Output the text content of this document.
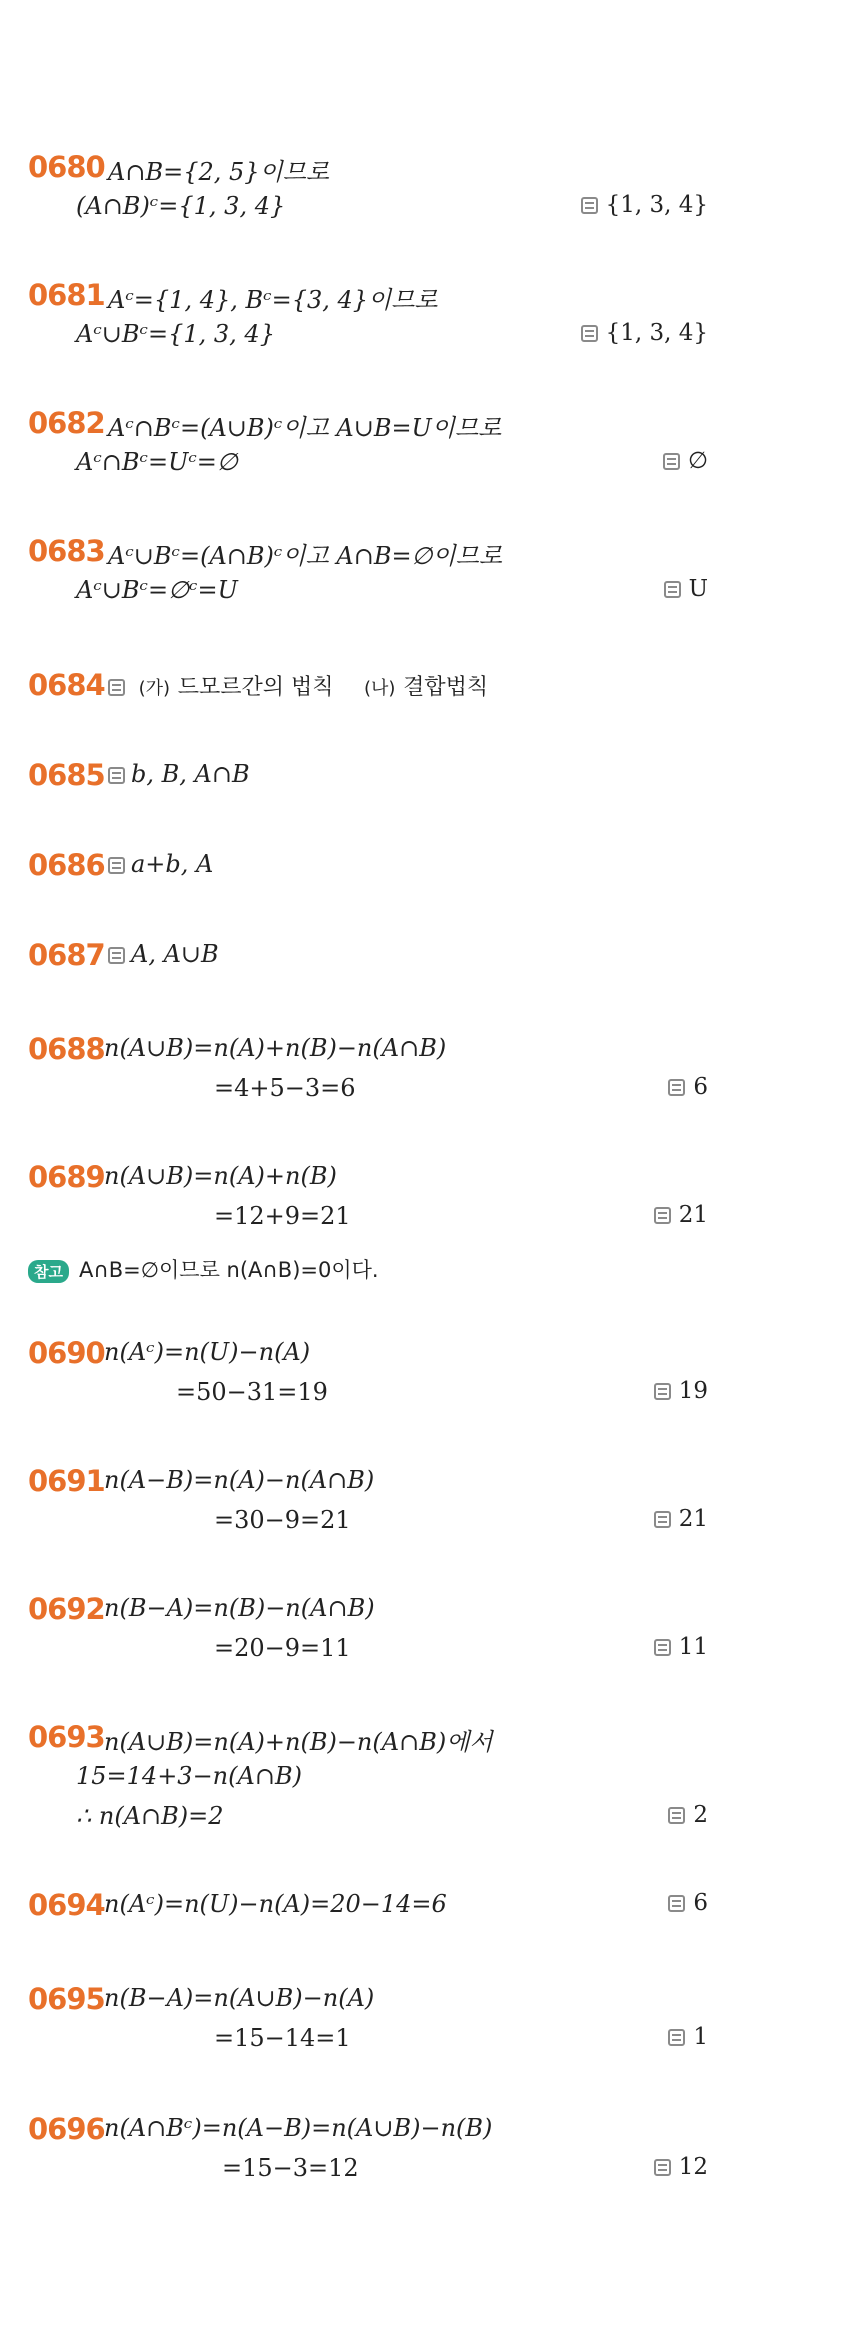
0680 A∩B={2, 5}이므로
(A∩B)ᶜ={1, 3, 4}	{1, 3, 4}
0681 Aᶜ={1, 4}, Bᶜ={3, 4}이므로
Aᶜ∪Bᶜ={1, 3, 4}	{1, 3, 4}
0682 Aᶜ∩Bᶜ=(A∪B)ᶜ이고 A∪B=U이므로
Aᶜ∩Bᶜ=Uᶜ=∅	∅
0683 Aᶜ∪Bᶜ=(A∩B)ᶜ이고 A∩B=∅이므로
Aᶜ∪Bᶜ=∅ᶜ=U	U
0684	(가) 드모르간의 법칙 (나) 결합법칙
0685	b, B, A∩B
0686	a+b, A
0687	A, A∪B
0688 n(A∪B)=n(A)+n(B)−n(A∩B)
=4+5−3=6	6
0689 n(A∪B)=n(A)+n(B)
=12+9=21	21
참고 A∩B=∅이므로 n(A∩B)=0이다.
0690 n(Aᶜ)=n(U)−n(A)
=50−31=19	19
0691 n(A−B)=n(A)−n(A∩B)
=30−9=21	21
0692 n(B−A)=n(B)−n(A∩B)
=20−9=11	11
0693 n(A∪B)=n(A)+n(B)−n(A∩B)에서
15=14+3−n(A∩B)
∴ n(A∩B)=2	2
0694 n(Aᶜ)=n(U)−n(A)=20−14=6	6
0695 n(B−A)=n(A∪B)−n(A)
=15−14=1	1
0696 n(A∩Bᶜ)=n(A−B)=n(A∪B)−n(B)
=15−3=12	12
